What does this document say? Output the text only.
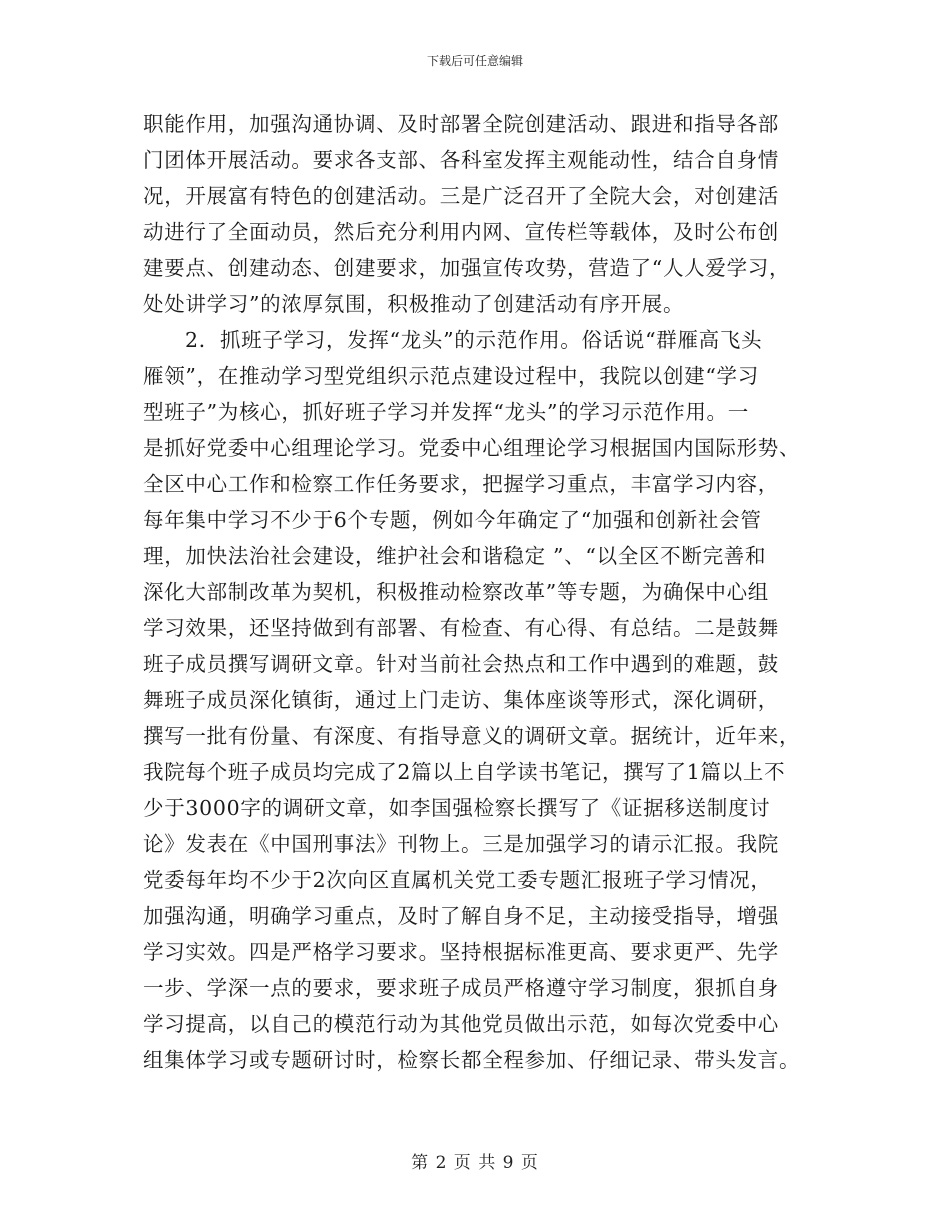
下载后可任意编辑
职能作用，加强沟通协调、及时部署全院创建活动、跟进和指导各部
门团体开展活动。要求各支部、各科室发挥主观能动性，结合自身情
况，开展富有特色的创建活动。三是广泛召开了全院大会，对创建活
动进行了全面动员，然后充分利用内网、宣传栏等载体，及时公布创
建要点、创建动态、创建要求，加强宣传攻势，营造了“人人爱学习，
处处讲学习”的浓厚氛围，积极推动了创建活动有序开展。
2．抓班子学习，发挥“龙头”的示范作用。俗话说“群雁高飞头
雁领”，在推动学习型党组织示范点建设过程中，我院以创建“学习
型班子”为核心，抓好班子学习并发挥“龙头”的学习示范作用。一
是抓好党委中心组理论学习。党委中心组理论学习根据国内国际形势、
全区中心工作和检察工作任务要求，把握学习重点，丰富学习内容，
每年集中学习不少于6个专题，例如今年确定了“加强和创新社会管
理，加快法治社会建设，维护社会和谐稳定 ”、“以全区不断完善和
深化大部制改革为契机，积极推动检察改革”等专题，为确保中心组
学习效果，还坚持做到有部署、有检查、有心得、有总结。二是鼓舞
班子成员撰写调研文章。针对当前社会热点和工作中遇到的难题，鼓
舞班子成员深化镇街，通过上门走访、集体座谈等形式，深化调研，
撰写一批有份量、有深度、有指导意义的调研文章。据统计，近年来，
我院每个班子成员均完成了2篇以上自学读书笔记，撰写了1篇以上不
少于3000字的调研文章，如李国强检察长撰写了《证据移送制度讨
论》发表在《中国刑事法》刊物上。三是加强学习的请示汇报。我院
党委每年均不少于2次向区直属机关党工委专题汇报班子学习情况，
加强沟通，明确学习重点，及时了解自身不足，主动接受指导，增强
学习实效。四是严格学习要求。坚持根据标准更高、要求更严、先学
一步、学深一点的要求，要求班子成员严格遵守学习制度，狠抓自身
学习提高，以自己的模范行动为其他党员做出示范，如每次党委中心
组集体学习或专题研讨时，检察长都全程参加、仔细记录、带头发言。
第 2 页 共 9 页
